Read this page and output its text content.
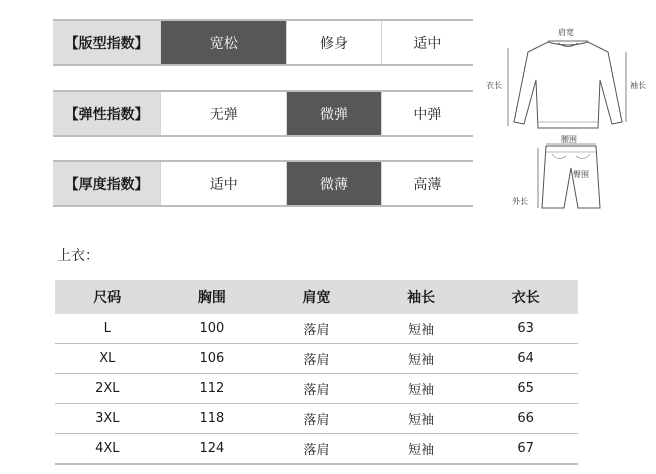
【版型指数】	宽松	修身	适中
【弹性指数】	无弹	微弹	中弹
【厚度指数】	适中	微薄	高薄
肩宽
衣长	袖长
腰围
臀围
外长
上衣：
尺码	胸围	肩宽	袖长	衣长
L	100	落肩	短袖	63
XL	106	落肩	短袖	64
2XL	112	落肩	短袖	65
3XL	118	落肩	短袖	66
4XL	124	落肩	短袖	67
